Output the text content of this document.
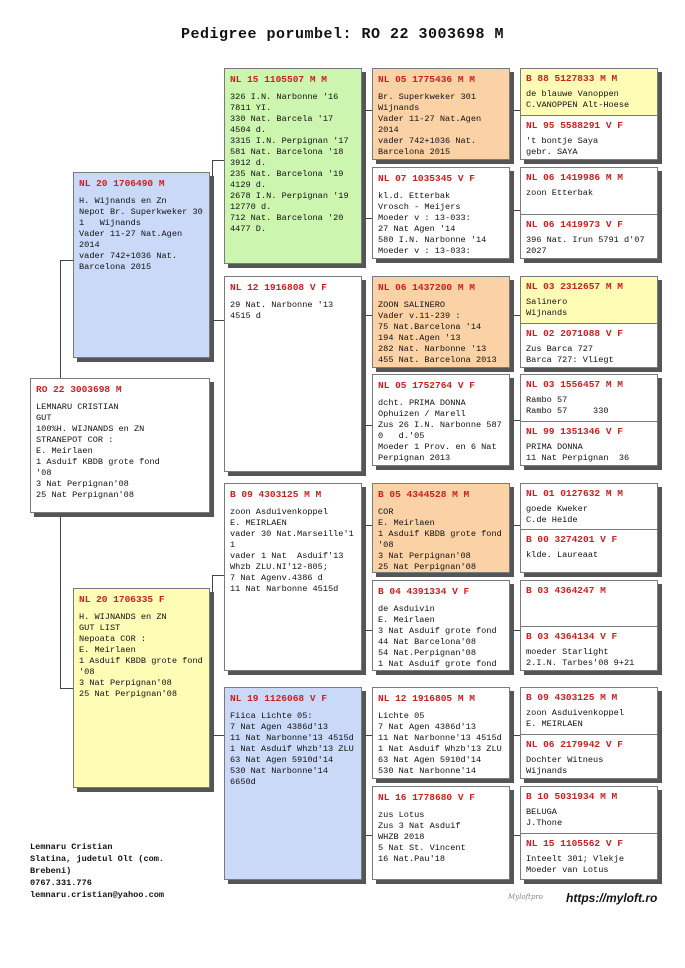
Pedigree porumbel: RO 22 3003698 M
RO 22 3003698 M
LEMNARU CRISTIAN
GUT
100%H. WIJNANDS en ZN
STRANEPOT COR :
E. Meirlaen
1 Asduif KBDB grote fond
'08
3 Nat Perpignan'08
25 Nat Perpignan'08
NL 20 1706490 M
H. Wijnands en Zn
Nepot Br. Superkweker 30
1   Wijnands
Vader 11-27 Nat.Agen
2014
vader 742+1036 Nat.
Barcelona 2015
NL 20 1706335 F
H. WIJNANDS en ZN
GUT LIST
Nepoata COR :
E. Meirlaen
1 Asduif KBDB grote fond
'08
3 Nat Perpignan'08
25 Nat Perpignan'08
NL 15 1105507 M M
326 I.N. Narbonne '16
7811 YI.
330 Nat. Barcela '17
4504 d.
3315 I.N. Perpignan '17
581 Nat. Barcelona '18
3912 d.
235 Nat. Barcelona '19
4129 d.
2678 I.N. Perpignan '19
12770 d.
712 Nat. Barcelona '20
4477 D.
NL 12 1916808 V F
29 Nat. Narbonne '13
4515 d
B 09 4303125 M M
zoon Asduivenkoppel
E. MEIRLAEN
vader 30 Nat.Marseille'1
1
vader 1 Nat  Asduif'13
Whzb ZLU.NI'12-805;
7 Nat Agenv.4386 d
11 Nat Narbonne 4515d
NL 19 1126068 V F
Fiica Lichte 05:
7 Nat Agen 4386d'13
11 Nat Narbonne'13 4515d
1 Nat Asduif Whzb'13 ZLU
63 Nat Agen 5910d'14
530 Nat Narbonne'14
6650d
NL 05 1775436 M M
Br. Superkweker 301
Wijnands
Vader 11-27 Nat.Agen
2014
vader 742+1036 Nat.
Barcelona 2015
NL 07 1035345 V F
kl.d. Etterbak
Vrosch - Meijers
Moeder v : 13-033:
27 Nat Agen '14
580 I.N. Narbonne '14
Moeder v : 13-033:
NL 06 1437200 M M
ZOON SALINERO
Vader v.11-239 :
75 Nat.Barcelona '14
194 Nat.Agen '13
282 Nat. Narbonne '13
455 Nat. Barcelona 2013
NL 05 1752764 V F
dcht. PRIMA DONNA
Ophuizen / Marell
Zus 26 I.N. Narbonne 587
0   d.'05
Moeder 1 Prov. en 6 Nat
Perpignan 2013
B 05 4344528 M M
COR
E. Meirlaen
1 Asduif KBDB grote fond
'08
3 Nat Perpignan'08
25 Nat Perpignan'08
B 04 4391334 V F
de Asduivin
E. Meirlaen
3 Nat Asduif grote fond
44 Nat Barcelona'08
54 Nat.Perpignan'08
1 Nat Asduif grote fond
NL 12 1916805 M M
Lichte 05
7 Nat Agen 4386d'13
11 Nat Narbonne'13 4515d
1 Nat Asduif Whzb'13 ZLU
63 Nat Agen 5910d'14
530 Nat Narbonne'14
NL 16 1778680 V F
zus Lotus
Zus 3 Nat Asduif
WHZB 2018
5 Nat St. Vincent
16 Nat.Pau'18
B 88 5127833 M M
de blauwe Vanoppen
C.VANOPPEN Alt-Hoese
NL 95 5588291 V F
't bontje Saya
gebr. SAYA
NL 06 1419986 M M
zoon Etterbak
NL 06 1419973 V F
396 Nat. Irun 5791 d'07
2027
NL 03 2312657 M M
Salinero
Wijnands
NL 02 2071088 V F
Zus Barca 727
Barca 727: Vliegt
NL 03 1556457 M M
Rambo 57
Rambo 57     330
NL 99 1351346 V F
PRIMA DONNA
11 Nat Perpignan  36
NL 01 0127632 M M
goede Kweker
C.de Heide
B 00 3274201 V F
klde. Laureaat
B 03 4364247 M
B 03 4364134 V F
moeder Starlight
2.I.N. Tarbes'08 9+21
B 09 4303125 M M
zoon Asduivenkoppel
E. MEIRLAEN
NL 06 2179942 V F
Dochter Witneus
Wijnands
B 10 5031934 M M
BELUGA
J.Thone
NL 15 1105562 V F
Inteelt 301; Vlekje
Moeder van Lotus
Lemnaru Cristian
Slatina, judetul Olt (com.
Brebeni)
0767.331.776
lemnaru.cristian@yahoo.com	Myloftpro https://myloft.ro
